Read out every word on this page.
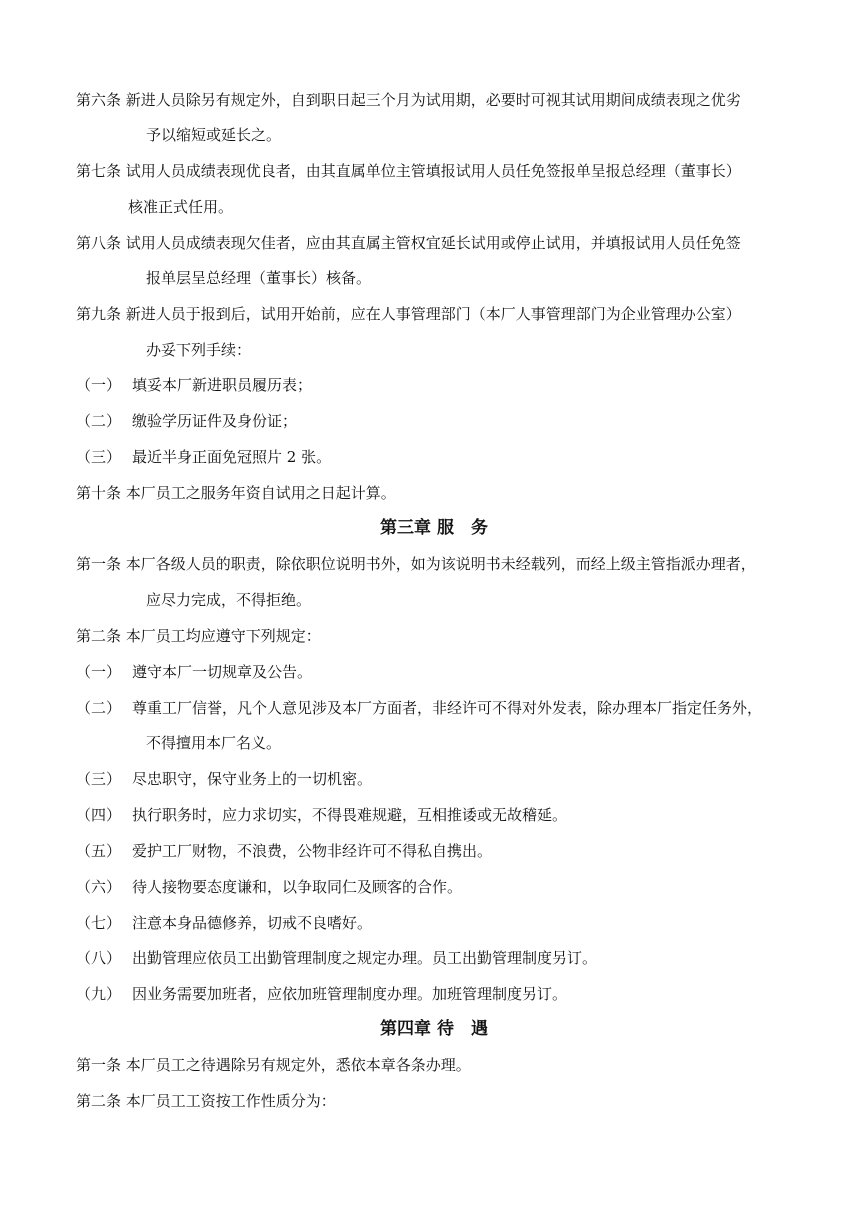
第六条 新进人员除另有规定外，自到职日起三个月为试用期，必要时可视其试用期间成绩表现之优劣

予以缩短或延长之。

第七条 试用人员成绩表现优良者，由其直属单位主管填报试用人员任免签报单呈报总经理（董事长）

核准正式任用。

第八条 试用人员成绩表现欠佳者，应由其直属主管权宜延长试用或停止试用，并填报试用人员任免签

报单层呈总经理（董事长）核备。

第九条 新进人员于报到后，试用开始前，应在人事管理部门（本厂人事管理部门为企业管理办公室）

办妥下列手续：

（一） 填妥本厂新进职员履历表；
（二） 缴验学历证件及身份证；
（三） 最近半身正面免冠照片 2 张。

第十条 本厂员工之服务年资自试用之日起计算。

第三章 服　务

第一条 本厂各级人员的职责，除依职位说明书外，如为该说明书未经载列，而经上级主管指派办理者，

应尽力完成，不得拒绝。

第二条 本厂员工均应遵守下列规定：

（一） 遵守本厂一切规章及公告。
（二） 尊重工厂信誉，凡个人意见涉及本厂方面者，非经许可不得对外发表，除办理本厂指定任务外，

不得擅用本厂名义。

（三） 尽忠职守，保守业务上的一切机密。
（四） 执行职务时，应力求切实，不得畏难规避，互相推诿或无故稽延。
（五） 爱护工厂财物，不浪费，公物非经许可不得私自携出。
（六） 待人接物要态度谦和，以争取同仁及顾客的合作。
（七） 注意本身品德修养，切戒不良嗜好。
（八） 出勤管理应依员工出勤管理制度之规定办理。员工出勤管理制度另订。
（九） 因业务需要加班者，应依加班管理制度办理。加班管理制度另订。
第四章 待　遇

第一条 本厂员工之待遇除另有规定外，悉依本章各条办理。

第二条 本厂员工工资按工作性质分为：
